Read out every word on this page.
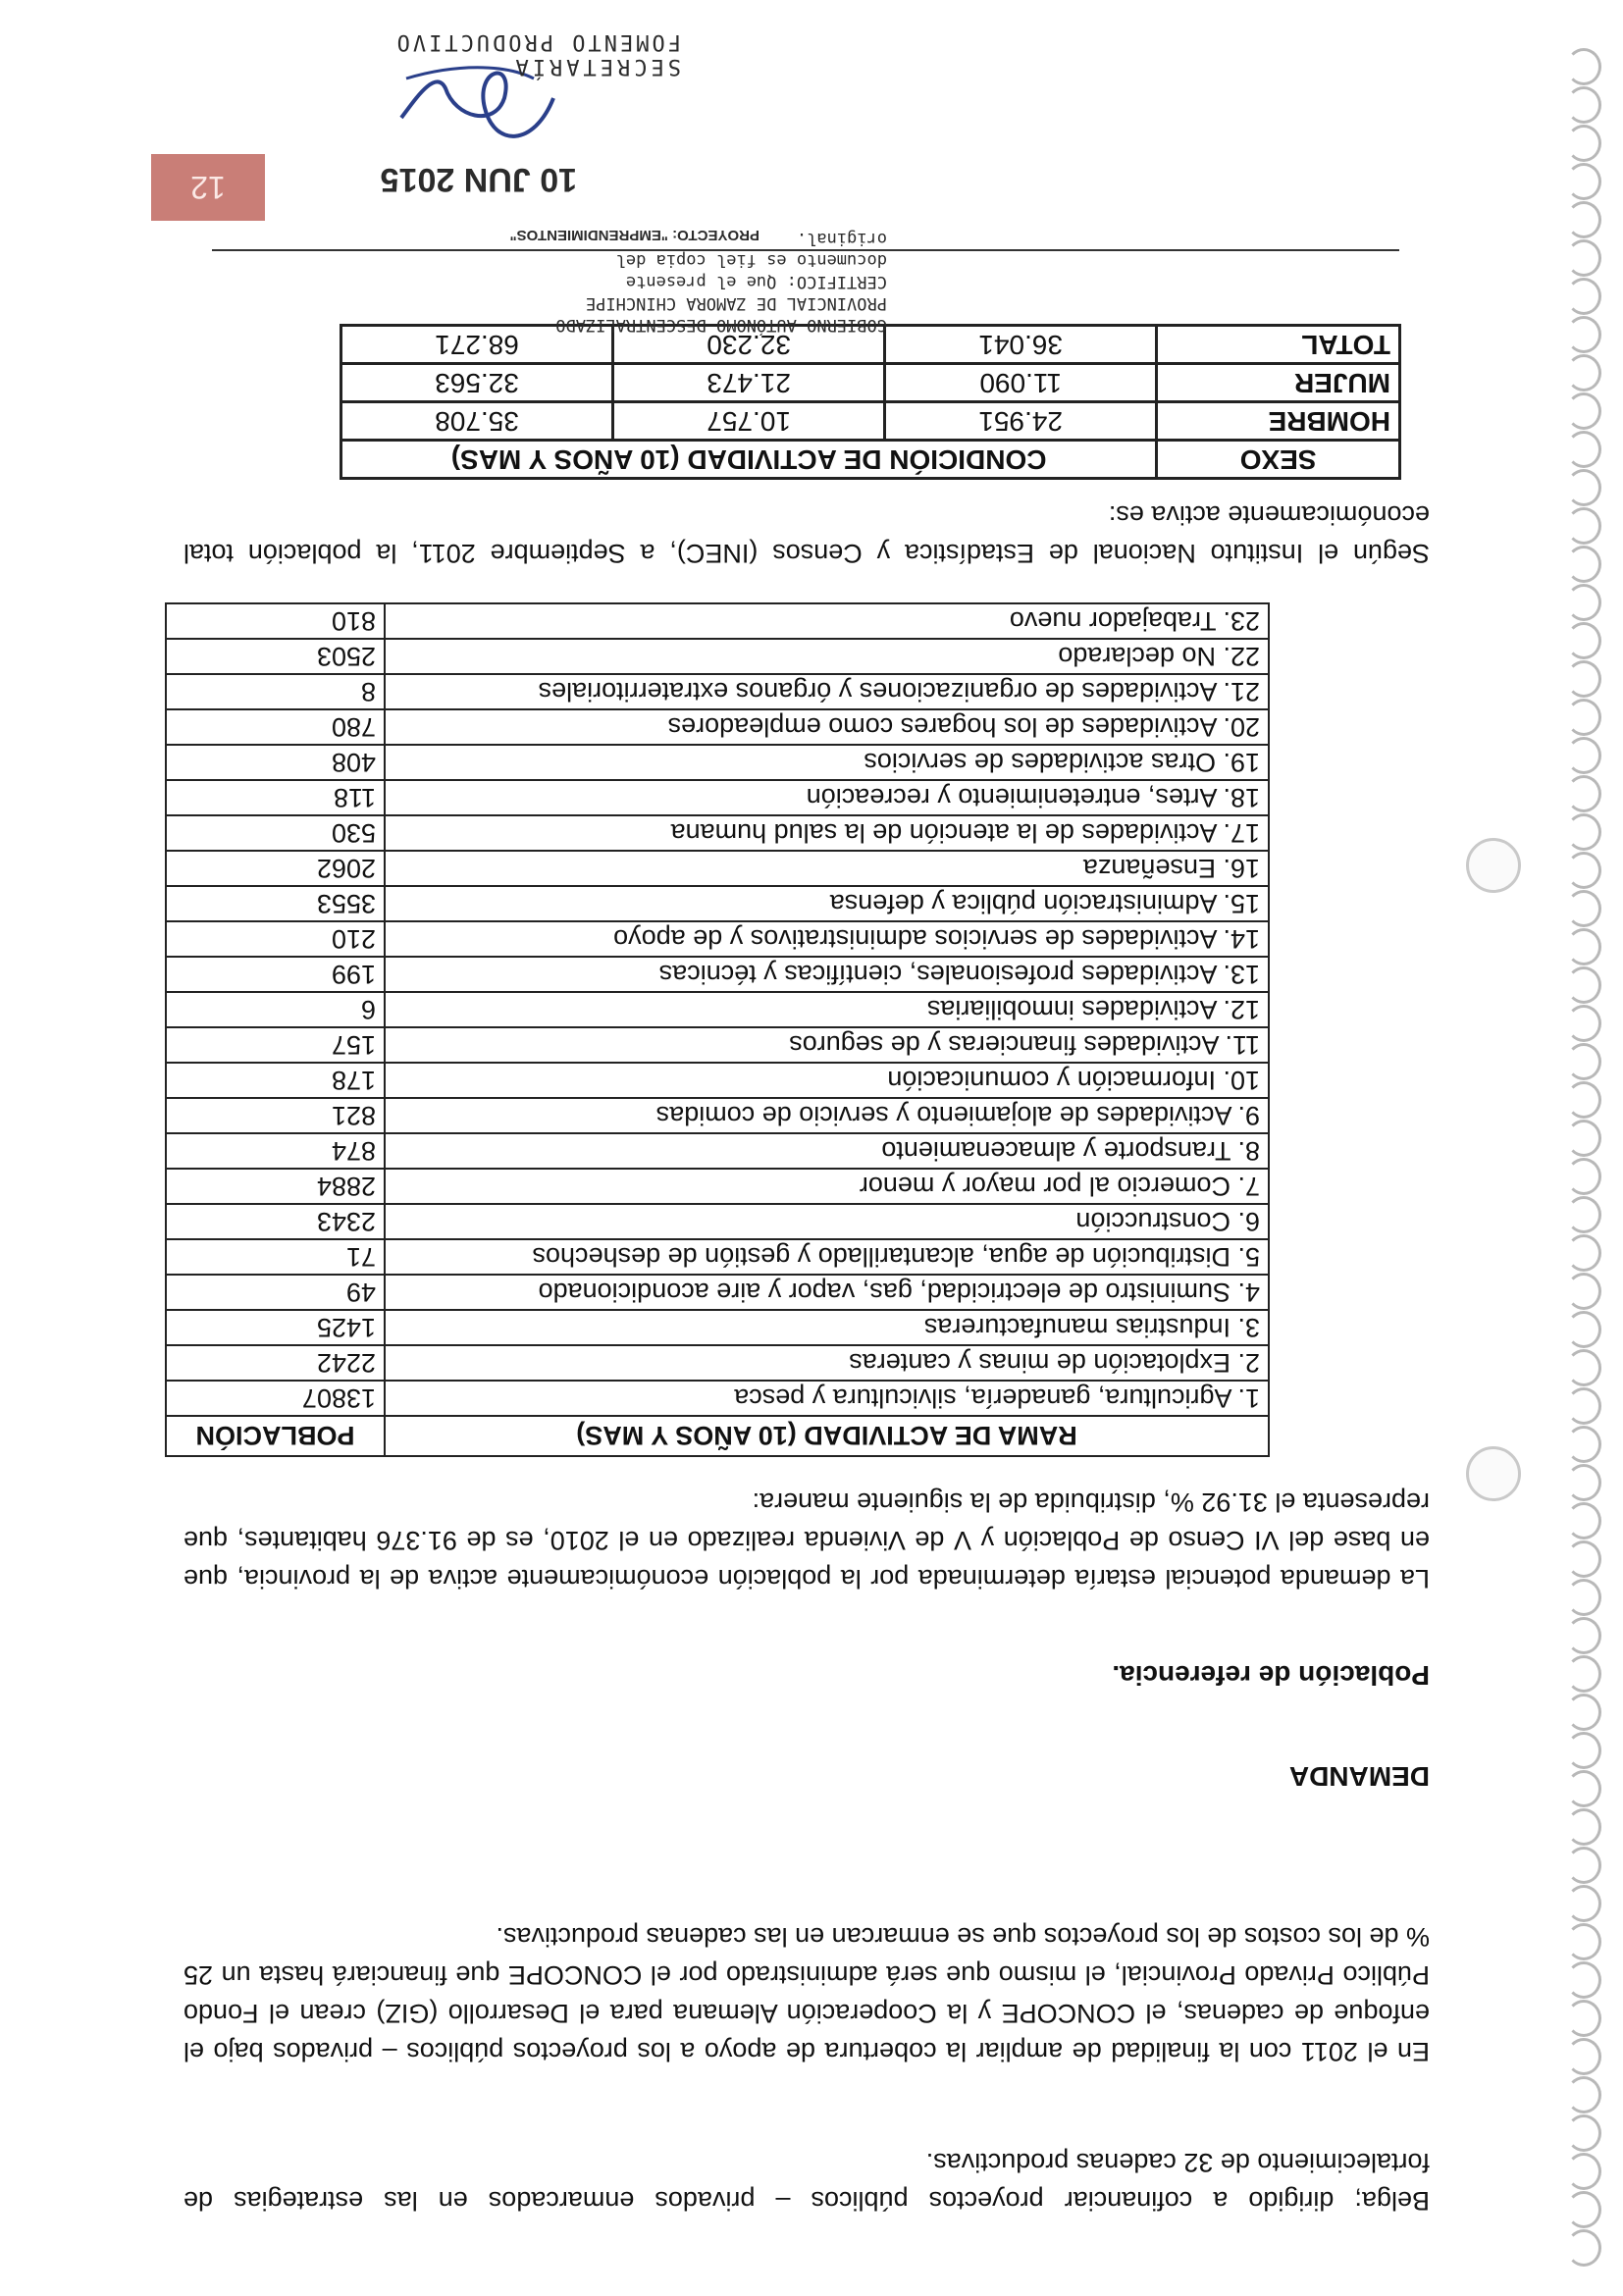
Belga; dirigido a cofinanciar proyectos públicos – privados enmarcados en las estrategias de fortalecimiento de 32 cadenas productivas.
En el 2011 con la finalidad de ampliar la cobertura de apoyo a los proyectos públicos – privados bajo el enfoque de cadenas, el CONCOPE y la Cooperación Alemana para el Desarrollo (GIZ) crean el Fondo Público Privado Provincial, el mismo que será administrado por el CONCOPE que financiará hasta un 25 % de los costos de los proyectos que se enmarcan en las cadenas productivas.
DEMANDA
Población de referencia.
La demanda potencial estaría determinada por la población económicamente activa de la provincia, que en base del VI Censo de Población y V de Vivienda realizado en el 2010, es de 91.376 habitantes, que representa el 31.92 %, distribuida de la siguiente manera:
RAMA DE ACTIVIDAD (10 AÑOS Y MAS)	POBLACIÓN
1. Agricultura, ganadería, silvicultura y pesca	13807
2. Explotación de minas y canteras	2242
3. Industrias manufactureras	1425
4. Suministro de electricidad, gas, vapor y aire acondicionado	49
5. Distribución de agua, alcantarillado y gestión de deshechos	71
6. Construcción	2343
7. Comercio al por mayor y menor	2884
8. Transporte y almacenamiento	874
9. Actividades de alojamiento y servicio de comidas	821
10. Información y comunicación	178
11. Actividades financieras y de seguros	157
12. Actividades inmobiliarias	6
13. Actividades profesionales, científicas y técnicas	199
14. Actividades de servicios administrativos y de apoyo	210
15. Administración pública y defensa	3553
16. Enseñanza	2062
17. Actividades de la atención de la salud humana	530
18. Artes, entretenimiento y recreación	118
19. Otras actividades de servicios	408
20. Actividades de los hogares como empleadores	780
21. Actividades de organizaciones y órganos extraterritoriales	8
22. No declarado	2503
23. Trabajador nuevo	810
Según el Instituto Nacional de Estadística y Censos (INEC), a Septiembre 2011, la población total económicamente activa es:
SEXO	CONDICIÓN DE ACTIVIDAD (10 AÑOS Y MAS)		
HOMBRE	24.951	10.757	35.708
MUJER	11.090	21.473	32.563
TOTAL	36.041	32.230	68.271
GOBIERNO AUTÓNOMO DESCENTRALIZADO
PROVINCIAL DE ZAMORA CHINCHIPE
CERTIFICO: Que el presente
documento es fiel copia del
original.
PROYECTO: "EMPRENDIMIENTOS"
10 JUN 2015
SECRETARÍA
FOMENTO PRODUCTIVO
12
